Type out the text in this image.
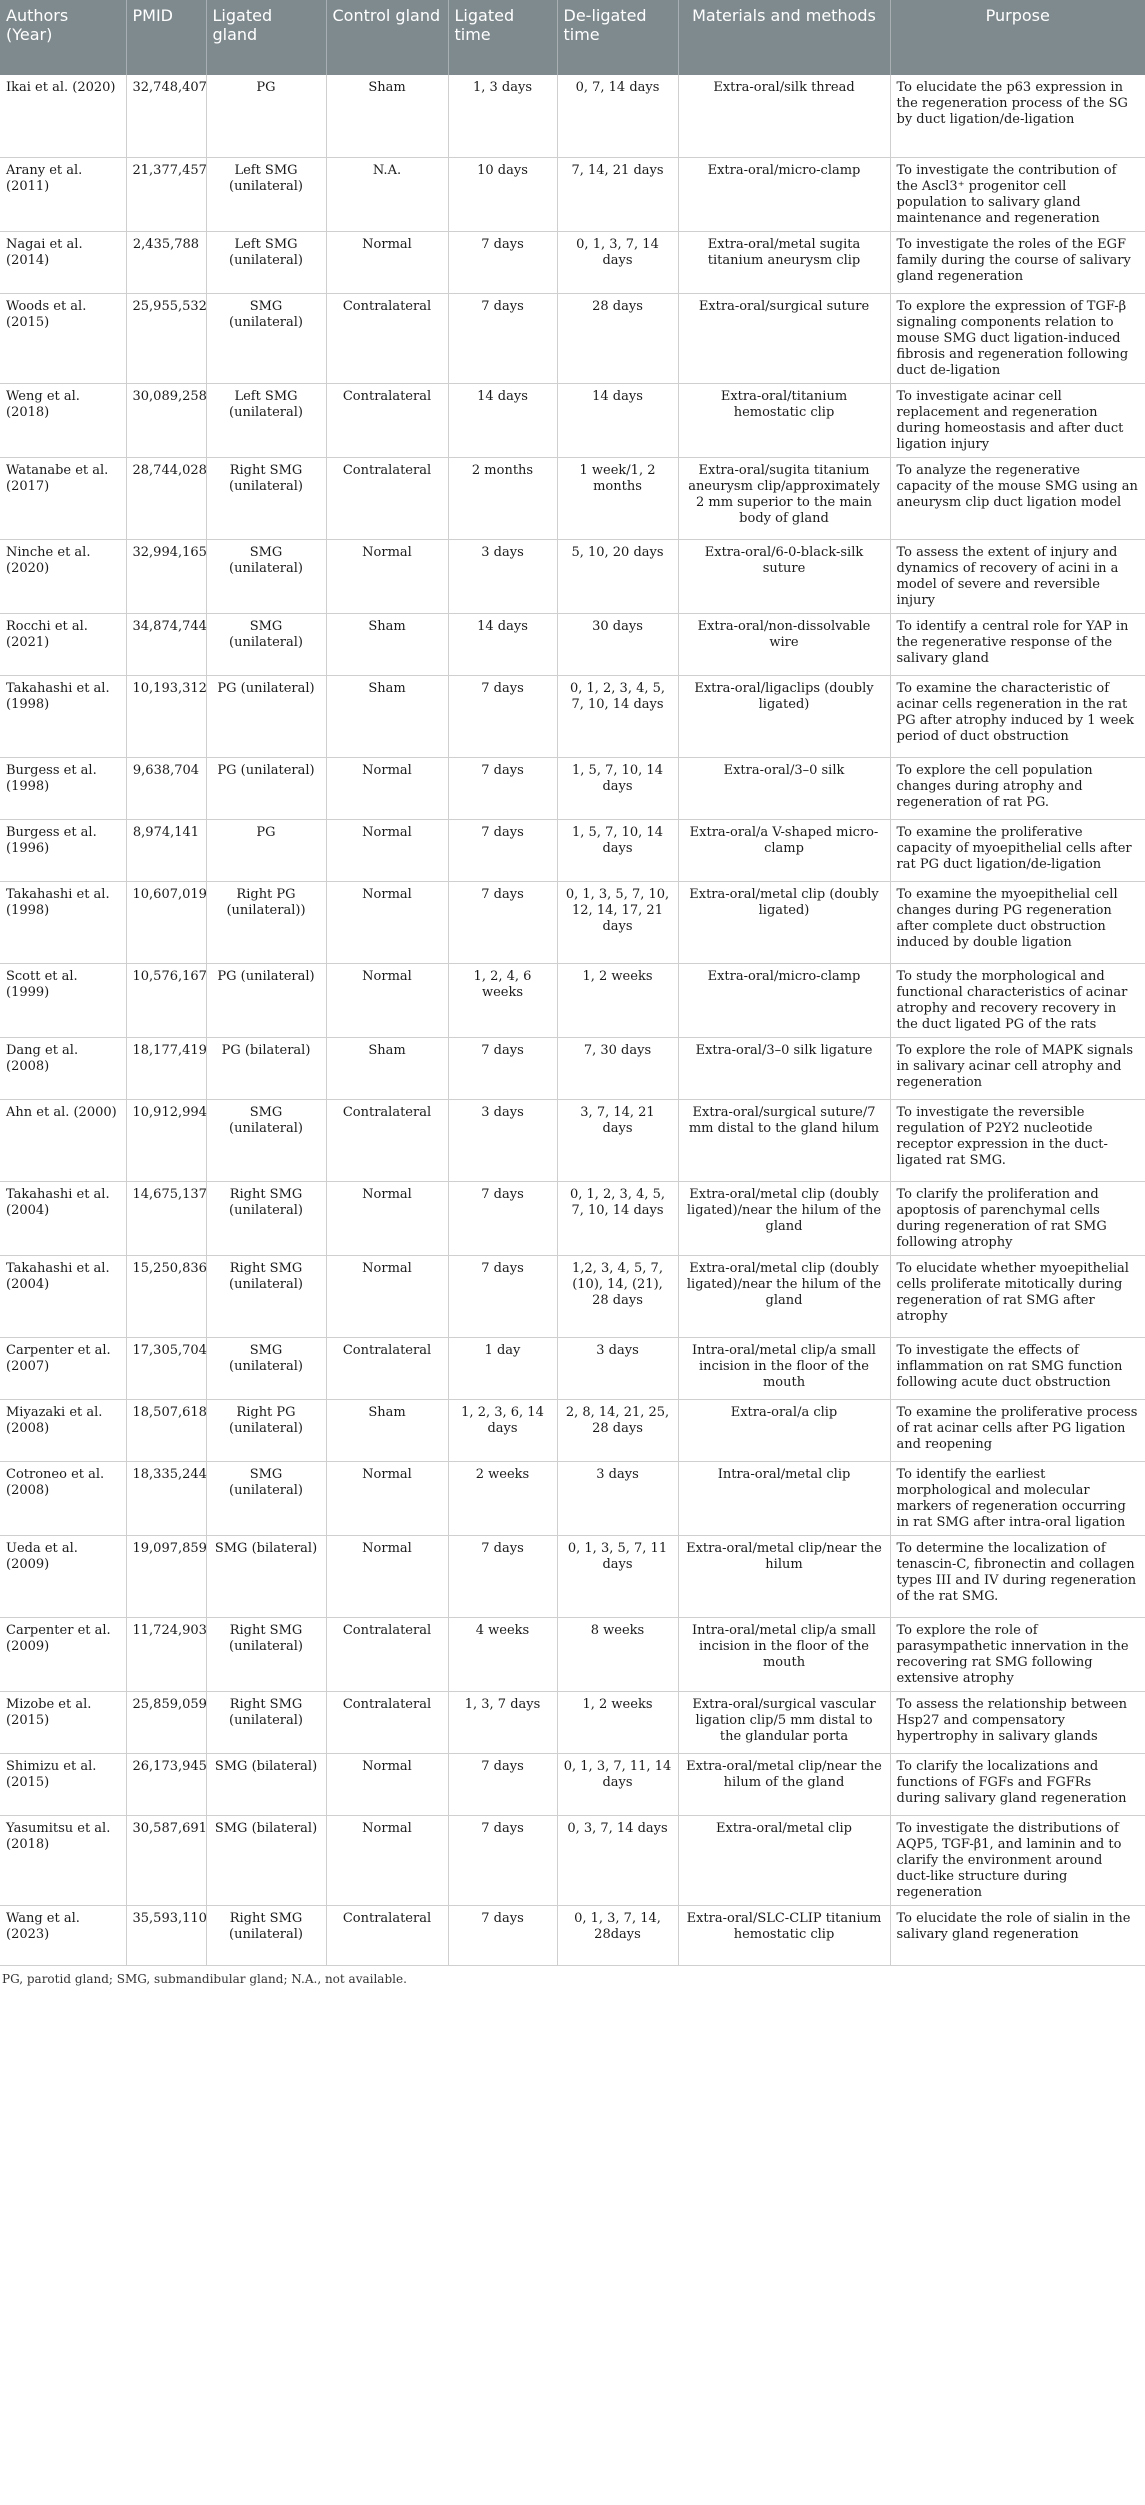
Authors (Year)	PMID	Ligated gland	Control gland	Ligated time	De-ligated time	Materials and methods	Purpose
Ikai et al. (2020)	32,748,407	PG	Sham	1, 3 days	0, 7, 14 days	Extra-oral/silk thread	To elucidate the p63 expression in the regeneration process of the SG by duct ligation/de-ligation
Arany et al. (2011)	21,377,457	Left SMG (unilateral)	N.A.	10 days	7, 14, 21 days	Extra-oral/micro-clamp	To investigate the contribution of the Ascl3⁺ progenitor cell population to salivary gland maintenance and regeneration
Nagai et al. (2014)	2,435,788	Left SMG (unilateral)	Normal	7 days	0, 1, 3, 7, 14 days	Extra-oral/metal sugita titanium aneurysm clip	To investigate the roles of the EGF family during the course of salivary gland regeneration
Woods et al. (2015)	25,955,532	SMG (unilateral)	Contralateral	7 days	28 days	Extra-oral/surgical suture	To explore the expression of TGF-β signaling components relation to mouse SMG duct ligation-induced fibrosis and regeneration following duct de-ligation
Weng et al. (2018)	30,089,258	Left SMG (unilateral)	Contralateral	14 days	14 days	Extra-oral/titanium hemostatic clip	To investigate acinar cell replacement and regeneration during homeostasis and after duct ligation injury
Watanabe et al. (2017)	28,744,028	Right SMG (unilateral)	Contralateral	2 months	1 week/1, 2 months	Extra-oral/sugita titanium aneurysm clip/approximately 2 mm superior to the main body of gland	To analyze the regenerative capacity of the mouse SMG using an aneurysm clip duct ligation model
Ninche et al. (2020)	32,994,165	SMG (unilateral)	Normal	3 days	5, 10, 20 days	Extra-oral/6-0-black-silk suture	To assess the extent of injury and dynamics of recovery of acini in a model of severe and reversible injury
Rocchi et al. (2021)	34,874,744	SMG (unilateral)	Sham	14 days	30 days	Extra-oral/non-dissolvable wire	To identify a central role for YAP in the regenerative response of the salivary gland
Takahashi et al. (1998)	10,193,312	PG (unilateral)	Sham	7 days	0, 1, 2, 3, 4, 5, 7, 10, 14 days	Extra-oral/ligaclips (doubly ligated)	To examine the characteristic of acinar cells regeneration in the rat PG after atrophy induced by 1 week period of duct obstruction
Burgess et al. (1998)	9,638,704	PG (unilateral)	Normal	7 days	1, 5, 7, 10, 14 days	Extra-oral/3–0 silk	To explore the cell population changes during atrophy and regeneration of rat PG.
Burgess et al. (1996)	8,974,141	PG	Normal	7 days	1, 5, 7, 10, 14 days	Extra-oral/a V-shaped micro-clamp	To examine the proliferative capacity of myoepithelial cells after rat PG duct ligation/de-ligation
Takahashi et al. (1998)	10,607,019	Right PG (unilateral))	Normal	7 days	0, 1, 3, 5, 7, 10, 12, 14, 17, 21 days	Extra-oral/metal clip (doubly ligated)	To examine the myoepithelial cell changes during PG regeneration after complete duct obstruction induced by double ligation
Scott et al. (1999)	10,576,167	PG (unilateral)	Normal	1, 2, 4, 6 weeks	1, 2 weeks	Extra-oral/micro-clamp	To study the morphological and functional characteristics of acinar atrophy and recovery recovery in the duct ligated PG of the rats
Dang et al. (2008)	18,177,419	PG (bilateral)	Sham	7 days	7, 30 days	Extra-oral/3–0 silk ligature	To explore the role of MAPK signals in salivary acinar cell atrophy and regeneration
Ahn et al. (2000)	10,912,994	SMG (unilateral)	Contralateral	3 days	3, 7, 14, 21 days	Extra-oral/surgical suture/7 mm distal to the gland hilum	To investigate the reversible regulation of P2Y2 nucleotide receptor expression in the duct-ligated rat SMG.
Takahashi et al. (2004)	14,675,137	Right SMG (unilateral)	Normal	7 days	0, 1, 2, 3, 4, 5, 7, 10, 14 days	Extra-oral/metal clip (doubly ligated)/near the hilum of the gland	To clarify the proliferation and apoptosis of parenchymal cells during regeneration of rat SMG following atrophy
Takahashi et al. (2004)	15,250,836	Right SMG (unilateral)	Normal	7 days	1,2, 3, 4, 5, 7, (10), 14, (21), 28 days	Extra-oral/metal clip (doubly ligated)/near the hilum of the gland	To elucidate whether myoepithelial cells proliferate mitotically during regeneration of rat SMG after atrophy
Carpenter et al. (2007)	17,305,704	SMG (unilateral)	Contralateral	1 day	3 days	Intra-oral/metal clip/a small incision in the floor of the mouth	To investigate the effects of inflammation on rat SMG function following acute duct obstruction
Miyazaki et al. (2008)	18,507,618	Right PG (unilateral)	Sham	1, 2, 3, 6, 14 days	2, 8, 14, 21, 25, 28 days	Extra-oral/a clip	To examine the proliferative process of rat acinar cells after PG ligation and reopening
Cotroneo et al. (2008)	18,335,244	SMG (unilateral)	Normal	2 weeks	3 days	Intra-oral/metal clip	To identify the earliest morphological and molecular markers of regeneration occurring in rat SMG after intra-oral ligation
Ueda et al. (2009)	19,097,859	SMG (bilateral)	Normal	7 days	0, 1, 3, 5, 7, 11 days	Extra-oral/metal clip/near the hilum	To determine the localization of tenascin-C, fibronectin and collagen types III and IV during regeneration of the rat SMG.
Carpenter et al. (2009)	11,724,903	Right SMG (unilateral)	Contralateral	4 weeks	8 weeks	Intra-oral/metal clip/a small incision in the floor of the mouth	To explore the role of parasympathetic innervation in the recovering rat SMG following extensive atrophy
Mizobe et al. (2015)	25,859,059	Right SMG (unilateral)	Contralateral	1, 3, 7 days	1, 2 weeks	Extra-oral/surgical vascular ligation clip/5 mm distal to the glandular porta	To assess the relationship between Hsp27 and compensatory hypertrophy in salivary glands
Shimizu et al. (2015)	26,173,945	SMG (bilateral)	Normal	7 days	0, 1, 3, 7, 11, 14 days	Extra-oral/metal clip/near the hilum of the gland	To clarify the localizations and functions of FGFs and FGFRs during salivary gland regeneration
Yasumitsu et al. (2018)	30,587,691	SMG (bilateral)	Normal	7 days	0, 3, 7, 14 days	Extra-oral/metal clip	To investigate the distributions of AQP5, TGF-β1, and laminin and to clarify the environment around duct-like structure during regeneration
Wang et al. (2023)	35,593,110	Right SMG (unilateral)	Contralateral	7 days	0, 1, 3, 7, 14, 28days	Extra-oral/SLC-CLIP titanium hemostatic clip	To elucidate the role of sialin in the salivary gland regeneration
PG, parotid gland; SMG, submandibular gland; N.A., not available.
